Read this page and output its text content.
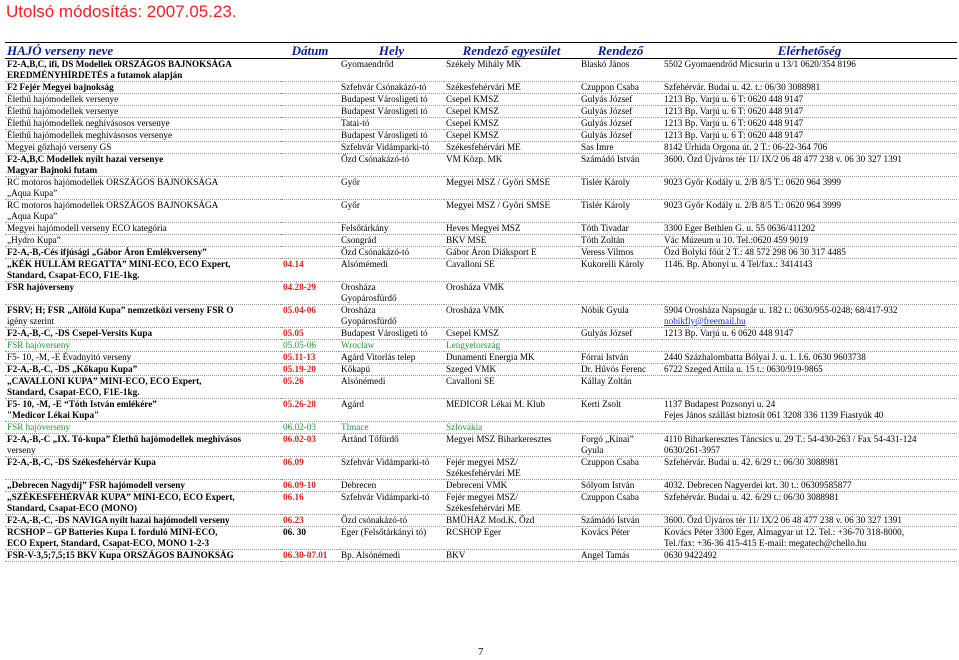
Utolsó módosítás: 2007.05.23.
HAJÓ verseny neve	Dátum	Hely	Rendező egyesület	Rendező	Elérhetőség
F2-A,B,C, ifi, DS Modellek ORSZÁGOS BAJNOKSÁGA		Gyomaendrőd	Székely Mihály MK	Blaskó János	5502 Gyomaendrőd Micsurin u 13/1 0620/354 8196
EREDMÉNYHÍRDETÉS a futamok alapján					
F2 Fejér Megyei bajnokság		Szfehvár Csónakázó-tó	Székesfehérvári ME	Czuppon Csaba	Szfehérvár. Budai u. 42. t.: 06/30 3088981
Élethű hajómodellek versenye		Budapest Városligeti tó	Csepel KMSZ	Gulyás József	1213 Bp. Varjú u. 6 T: 0620 448 9147
Élethű hajómodellek versenye		Budapest Városligeti tó	Csepel KMSZ	Gulyás József	1213 Bp. Varjú u. 6 T: 0620 448 9147
Élethű hajómodellek neghívásosos versenye		Tatai-tó	Csepel KMSZ	Gulyás József	1213 Bp. Varjú u. 6 T: 0620 448 9147
Élethű hajómodellek meghívásosos versenye		Budapest Városligeti tó	Csepel KMSZ	Gulyás József	1213 Bp. Varjú u. 6 T: 0620 448 9147
Megyei gőzhajó verseny GS		Szfehvár Vidámparki-tó	Székesfehérvári ME	Sas Imre	8142 Úrhida Orgona út. 2 T.: 06-22-364 706
F2-A,B,C Modellek nyílt hazai versenye		Őzd Csónakázó-tó	VM Közp. MK	Számádó István	3600. Őzd Újváros tér 11/ IX/2 06 48 477 238 v. 06 30 327 1391
Magyar Bajnoki futam					
RC motoros hajómodellek ORSZÁGOS BAJNOKSÁGA		Győr	Megyei MSZ / Győri SMSE	Tislér Károly	9023 Győr Kodály u. 2/B 8/5 T.: 0620 964 3999
„Aqua Kupa”					
RC motoros hajómodellek ORSZÁGOS BAJNOKSÁGA		Győr	Megyei MSZ / Győri SMSE	Tislér Károly	9023 Győr Kodály u. 2/B 8/5 T.: 0620 964 3999
„Aqua Kupa”					
Megyei hajómodell verseny ECO kategória		Felsőtárkány	Heves Megyei MSZ	Tóth Tivadar	3300 Eger Bethlen G. u. 55 0636/411202
„Hydro Kupa”		Csongrád	BKV MSE	Tóth Zoltán	Vác Múzeum u 10. Tel.:0620 459 9019
F2-A,-B,-Cés ifjúsági „Gábor Áron Emlékverseny”		Őzd Csónakázó-tó	Gábor Áron Diáksport E	Veress Vilmos	Őzd Bolyki főút 2 T.: 48 572 298 06 30 317 4485
„KÉK HULLÁM REGATTA” MINI-ECO, ECO Expert,	04.14	Alsómémedi	Cavalloni SE	Kukorelli Károly	1146. Bp. Abonyi u. 4 Tel/fax.: 3414143
Standard, Csapat-ECO, F1E-1kg.					
FSR hajóverseny	04.28-29	Orosháza	Orosháza VMK		
		Gyopárosfürdő			
FSRV; H; FSR „Alföld Kupa” nemzetközi verseny FSR O	05.04-06	Orosháza	Orosháza VMK	Nóbik Gyula	5904 Orosháza Napsugár u. 182 t.: 0630/955-0248; 68/417-932
igény szerint		Gyopárosfürdő			nobikfly@freemail.hu
F2-A,-B,-C, -DS Csepel-Versits Kupa	05.05	Budapest Városligeti tó	Csepel KMSZ	Gulyás József	1213 Bp. Varjú u. 6 0620 448 9147
FSR hajóverseny	05.05-06	Wroclaw	Lengyelország		
F5- 10, -M, -E Évadnyitó verseny	05.11-13	Agárd Vitorlás telep	Dunamenti Energia MK	Fórrai István	2440 Százhalombatta Bólyai J. u. 1. I.6. 0630 9603738
F2-A,-B,-C, -DS „Kőkapu Kupa”	05.19-20	Kőkapú	Szeged VMK	Dr. Hűvös Ferenc	6722 Szeged Attila u. 15 t.: 0630/919-9865
„CAVALLONI KUPA” MINI-ECO, ECO Expert,	05.26	Alsónémedi	Cavalloni SE	Kállay Zoltán	
Standard, Csapat-ECO, F1E-1kg.					
F5- 10, -M, -E “Tóth István emlékére”	05.26-28	Agárd	MEDICOR Lékai M. Klub	Kerti Zsolt	1137 Budapest Pozsonyi u. 24
"Medicor Lékai Kupa"					Fejes János szállást biztosít 061 3208 336 1139 Fiastyúk 40
FSR hajóverseny	06.02-03	Tlmace	Szlovákia		
F2-A,-B,-C „IX. Tó-kupa” Élethű hajómodellek meghívásos	06.02-03	Ártánd Tőfürdő	Megyei MSZ Biharkeresztes	Forgó „Kinai”	4110 Biharkeresztes Táncsics u. 29 T.: 54-430-263 / Fax 54-431-124
verseny				Gyula	0630/261-3957
F2-A,-B,-C, -DS Székesfehérvár Kupa	06.09	Szfehvár Vidámparki-tó	Fejér megyei MSZ/	Czuppon Csaba	Szfehérvár. Budai u. 42. 6/29 t.: 06/30 3088981
			Székesfehérvári ME		
„Debrecen Nagydíj” FSR hajómodell verseny	06.09-10	Debrecen	Debreceni VMK	Sólyom István	4032. Debrecen Nagyerdei krt. 30 t.: 06309585877
„SZÉKESFEHÉRVÁR KUPA” MINI-ECO, ECO Expert,	06.16	Szfehvár Vidámparki-tó	Fejér megyei MSZ/	Czuppon Csaba	Szfehérvár. Budai u. 42. 6/29 t.: 06/30 3088981
Standard, Csapat-ECO (MONO)			Székesfehérvári ME		
F2-A,-B,-C, -DS NAVIGA nyílt hazai hajómodell verseny	06.23	Őzd csónakázó-tó	BMÜHÁZ Mod.K. Őzd	Számádó István	3600. Őzd Újváros tér 11/ IX/2 06 48 477 238 v. 06 30 327 1391
RCSHOP – GP Batteries Kupa I. forduló MINI-ECO,	06. 30	Eger (Felsőtárkányi tó)	RCSHOP Eger	Kovács Péter	Kovács Péter 3300 Eger, Almagyar ut 12. Tel.: +36-70 318-8000,
ECO Expert, Standard, Csapat-ECO, MONO 1-2-3					Tel./fax: +36-36 415-415 E-mail: megatech@chello.hu
FSR-V-3,5;7,5;15 BKV Kupa ORSZÁGOS BAJNOKSÁG	06.30-07.01	Bp. Alsónémedi	BKV	Angel Tamás	0630 9422492
7
